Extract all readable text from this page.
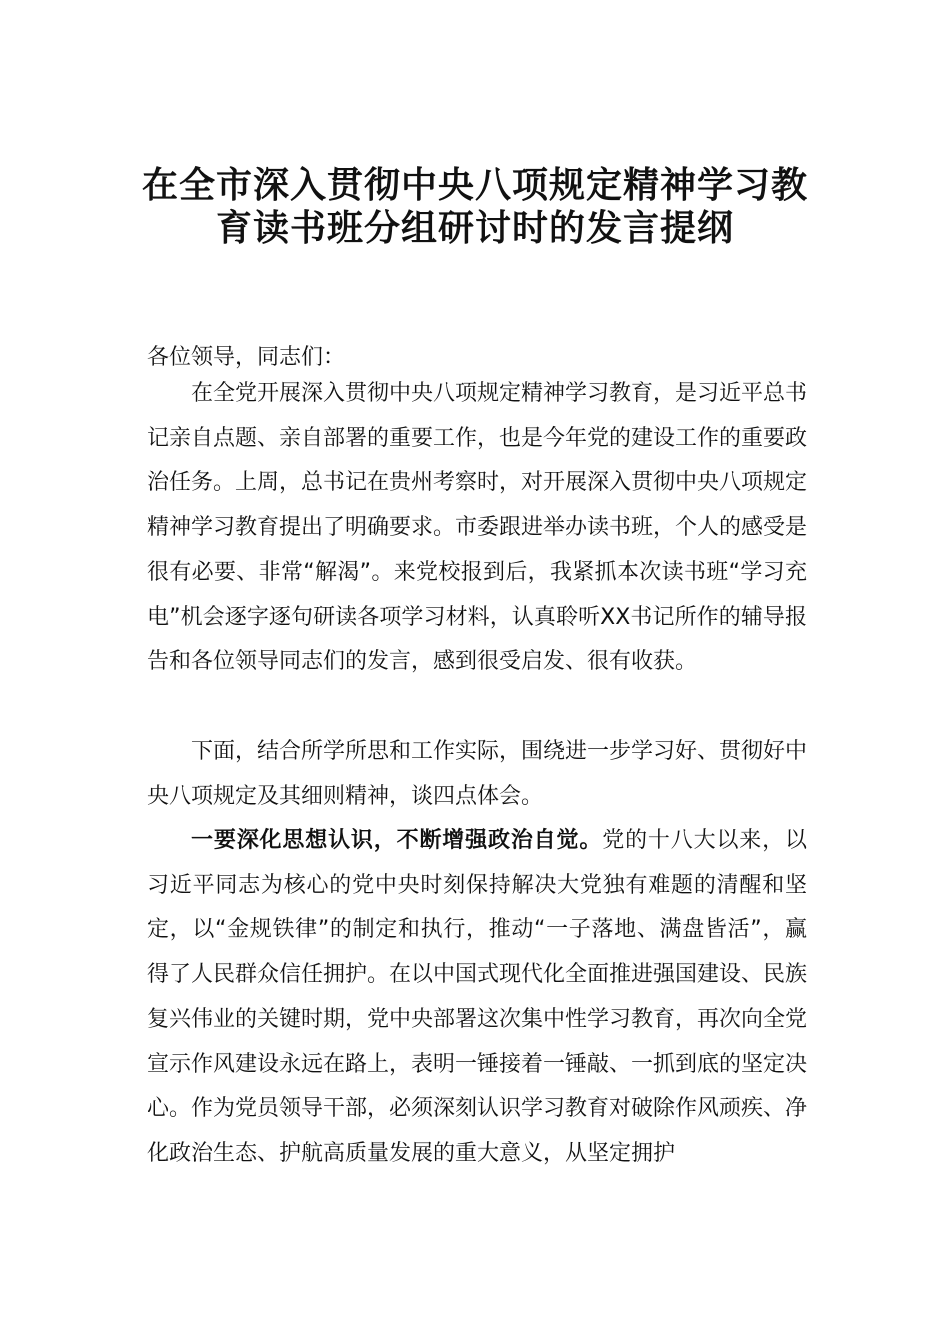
在全市深入贯彻中央八项规定精神学习教
育读书班分组研讨时的发言提纲

各位领导，同志们：

在全党开展深入贯彻中央八项规定精神学习教育，是习近平总书记亲自点题、亲自部署的重要工作，也是今年党的建设工作的重要政治任务。上周，总书记在贵州考察时，对开展深入贯彻中央八项规定精神学习教育提出了明确要求。市委跟进举办读书班，个人的感受是很有必要、非常“解渴”。来党校报到后，我紧抓本次读书班“学习充电”机会逐字逐句研读各项学习材料，认真聆听XX书记所作的辅导报告和各位领导同志们的发言，感到很受启发、很有收获。

下面，结合所学所思和工作实际，围绕进一步学习好、贯彻好中央八项规定及其细则精神，谈四点体会。

一要深化思想认识，不断增强政治自觉。党的十八大以来，以习近平同志为核心的党中央时刻保持解决大党独有难题的清醒和坚定，以“金规铁律”的制定和执行，推动“一子落地、满盘皆活”，赢得了人民群众信任拥护。在以中国式现代化全面推进强国建设、民族复兴伟业的关键时期，党中央部署这次集中性学习教育，再次向全党宣示作风建设永远在路上，表明一锤接着一锤敲、一抓到底的坚定决心。作为党员领导干部，必须深刻认识学习教育对破除作风顽疾、净化政治生态、护航高质量发展的重大意义，从坚定拥护
